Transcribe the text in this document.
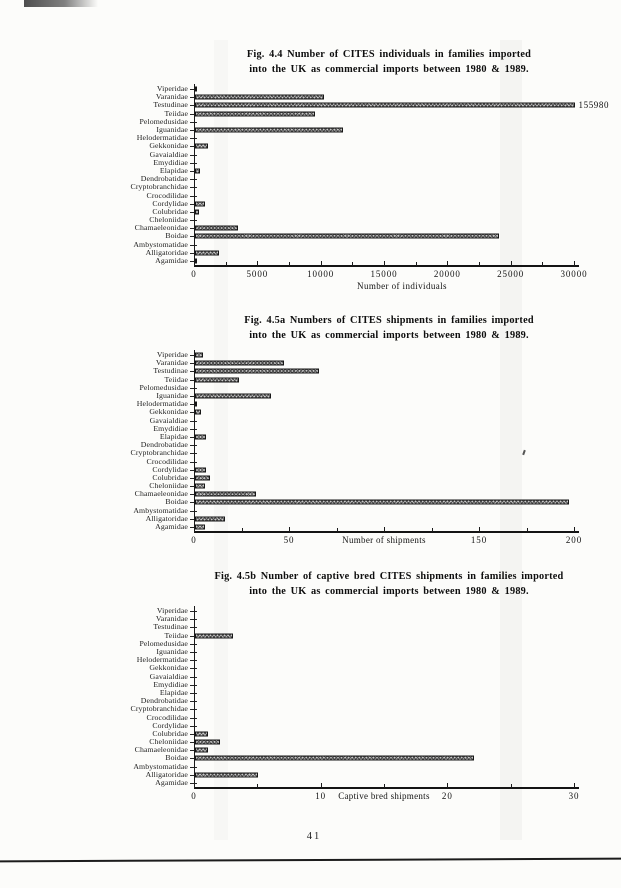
Fig. 4.4 Number of CITES individuals in families imported
into the UK as commercial imports between 1980 & 1989.
Viperidae
Varanidae
Testudinae	155980
Teiidae
Pelomedusidae
Iguanidae
Helodermatidae
Gekkonidae
Gavaialdiae
Emydidiae
Elapidae
Dendrobatidae
Cryptobranchidae
Crocodilidae
Cordylidae
Colubridae
Cheloniidae
Chamaeleonidae
Boidae
Ambystomatidae
Alligatoridae
Agamidae
0	5000	10000	15000	20000	25000	30000
Number of individuals
Fig. 4.5a Numbers of CITES shipments in families imported
into the UK as commercial imports between 1980 & 1989.
Viperidae
Varanidae
Testudinae
Teiidae
Pelomedusidae
Iguanidae
Helodermatidae
Gekkonidae
Gavaialdiae
Emydidiae
Elapidae
Dendrobatidae
Cryptobranchidae
Crocodilidae
Cordylidae
Colubridae
Cheloniidae
Chamaeleonidae
Boidae
Ambystomatidae
Alligatoridae
Agamidae
0	50	150	200
Number of shipments
Fig. 4.5b Number of captive bred CITES shipments in families imported
into the UK as commercial imports between 1980 & 1989.
Viperidae
Varanidae
Testudinae
Teiidae
Pelomedusidae
Iguanidae
Helodermatidae
Gekkonidae
Gavaialdiae
Emydidiae
Elapidae
Dendrobatidae
Cryptobranchidae
Crocodilidae
Cordylidae
Colubridae
Cheloniidae
Chamaeleonidae
Boidae
Ambystomatidae
Alligatoridae
Agamidae
0	10	20	30
Captive bred shipments
41
